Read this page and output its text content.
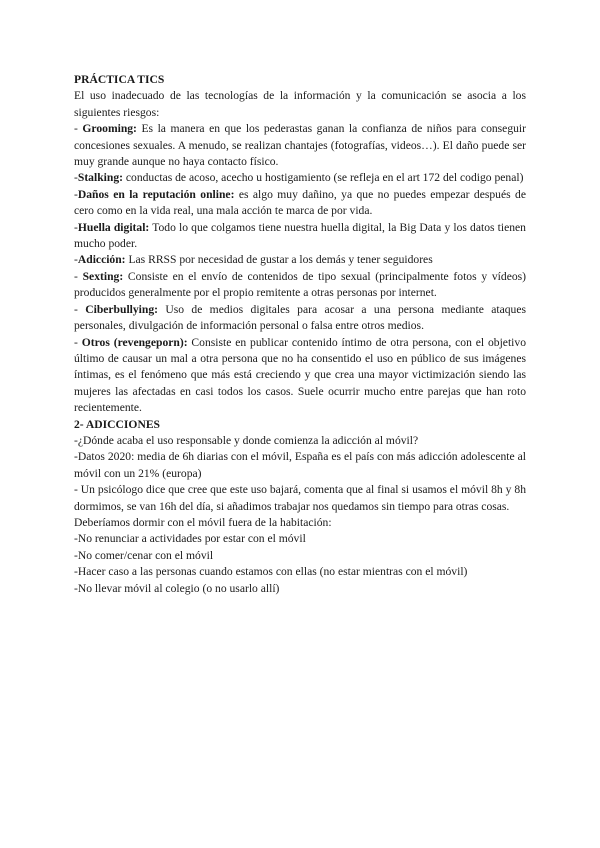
PRÁCTICA TICS

El uso inadecuado de las tecnologías de la información y la comunicación se asocia a los siguientes riesgos:

- Grooming: Es la manera en que los pederastas ganan la confianza de niños para conseguir concesiones sexuales. A menudo, se realizan chantajes (fotografías, videos…). El daño puede ser muy grande aunque no haya contacto físico.

-Stalking: conductas de acoso, acecho u hostigamiento (se refleja en el art 172 del codigo penal)

-Daños en la reputación online: es algo muy dañino, ya que no puedes empezar después de cero como en la vida real, una mala acción te marca de por vida.

-Huella digital: Todo lo que colgamos tiene nuestra huella digital, la Big Data y los datos tienen mucho poder.

-Adicción: Las RRSS por necesidad de gustar a los demás y tener seguidores

- Sexting: Consiste en el envío de contenidos de tipo sexual (principalmente fotos y vídeos) producidos generalmente por el propio remitente a otras personas por internet.

- Ciberbullying: Uso de medios digitales para acosar a una persona mediante ataques personales, divulgación de información personal o falsa entre otros medios.

- Otros (revengeporn): Consiste en publicar contenido íntimo de otra persona, con el objetivo último de causar un mal a otra persona que no ha consentido el uso en público de sus imágenes íntimas, es el fenómeno que más está creciendo y que crea una mayor victimización siendo las mujeres las afectadas en casi todos los casos. Suele ocurrir mucho entre parejas que han roto recientemente.

2- ADICCIONES

-¿Dónde acaba el uso responsable y donde comienza la adicción al móvil?

-Datos 2020: media de 6h diarias con el móvil, España es el país con más adicción adolescente al móvil con un 21% (europa)

- Un psicólogo dice que cree que este uso bajará, comenta que al final si usamos el móvil 8h y 8h dormimos, se van 16h del día, si añadimos trabajar nos quedamos sin tiempo para otras cosas.

Deberíamos dormir con el móvil fuera de la habitación:

-No renunciar a actividades por estar con el móvil

-No comer/cenar con el móvil

-Hacer caso a las personas cuando estamos con ellas (no estar mientras con el móvil)

-No llevar móvil al colegio (o no usarlo allí)
